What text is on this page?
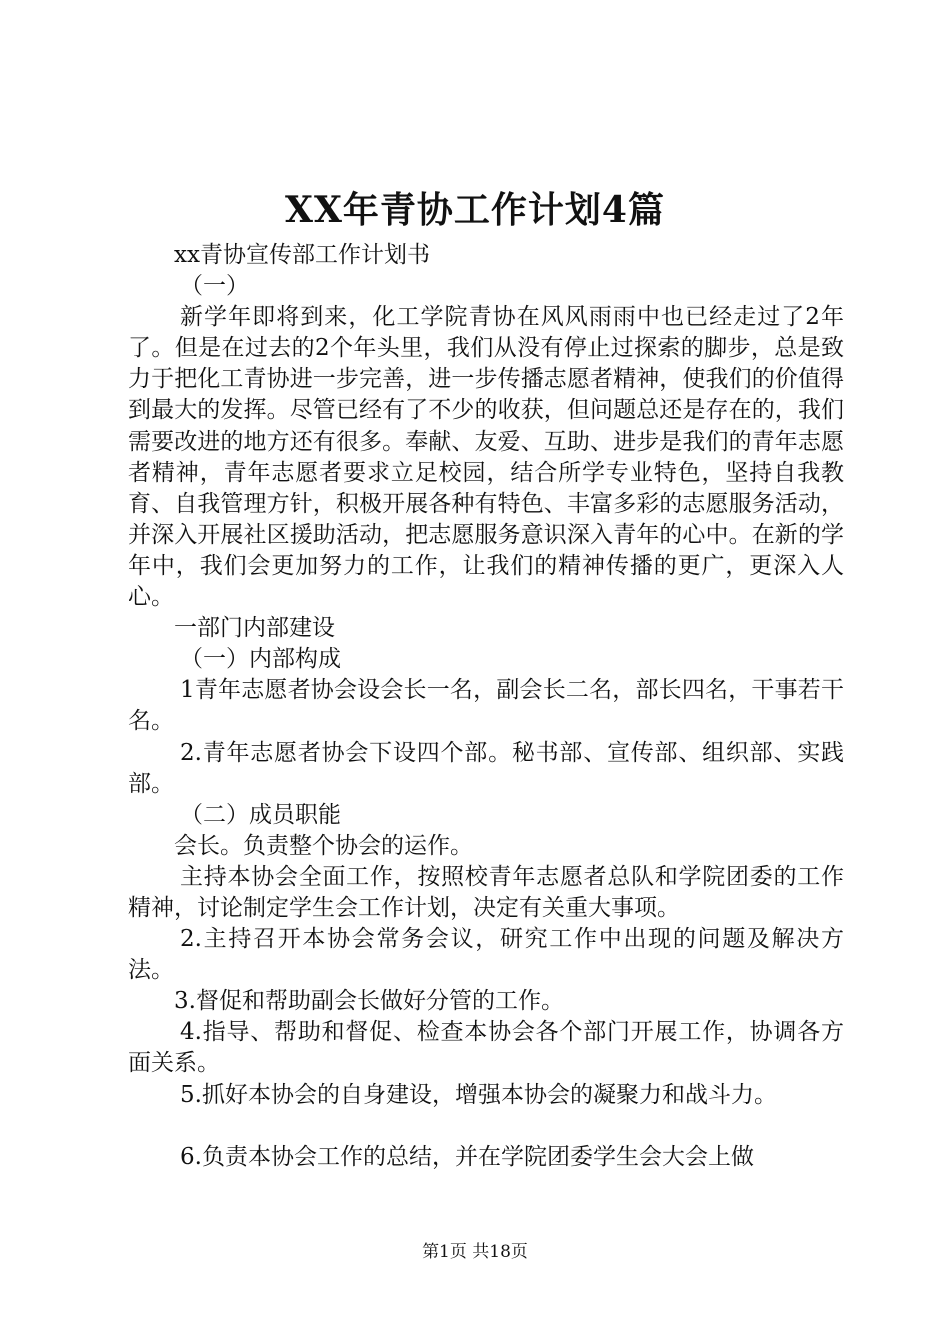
XX年青协工作计划4篇

xx青协宣传部工作计划书

（一）

新学年即将到来，化工学院青协在风风雨雨中也已经走过了2年了。但是在过去的2个年头里，我们从没有停止过探索的脚步，总是致力于把化工青协进一步完善，进一步传播志愿者精神，使我们的价值得到最大的发挥。尽管已经有了不少的收获，但问题总还是存在的，我们需要改进的地方还有很多。奉献、友爱、互助、进步是我们的青年志愿者精神，青年志愿者要求立足校园，结合所学专业特色，坚持自我教育、自我管理方针，积极开展各种有特色、丰富多彩的志愿服务活动，并深入开展社区援助活动，把志愿服务意识深入青年的心中。在新的学年中，我们会更加努力的工作，让我们的精神传播的更广，更深入人心。

一部门内部建设

（一）内部构成

1青年志愿者协会设会长一名，副会长二名，部长四名，干事若干名。

2.青年志愿者协会下设四个部。秘书部、宣传部、组织部、实践部。

（二）成员职能

会长。负责整个协会的运作。

主持本协会全面工作，按照校青年志愿者总队和学院团委的工作精神，讨论制定学生会工作计划，决定有关重大事项。

2.主持召开本协会常务会议，研究工作中出现的问题及解决方法。

3.督促和帮助副会长做好分管的工作。

4.指导、帮助和督促、检查本协会各个部门开展工作，协调各方面关系。

5.抓好本协会的自身建设，增强本协会的凝聚力和战斗力。

6.负责本协会工作的总结，并在学院团委学生会大会上做

第1页 共18页
